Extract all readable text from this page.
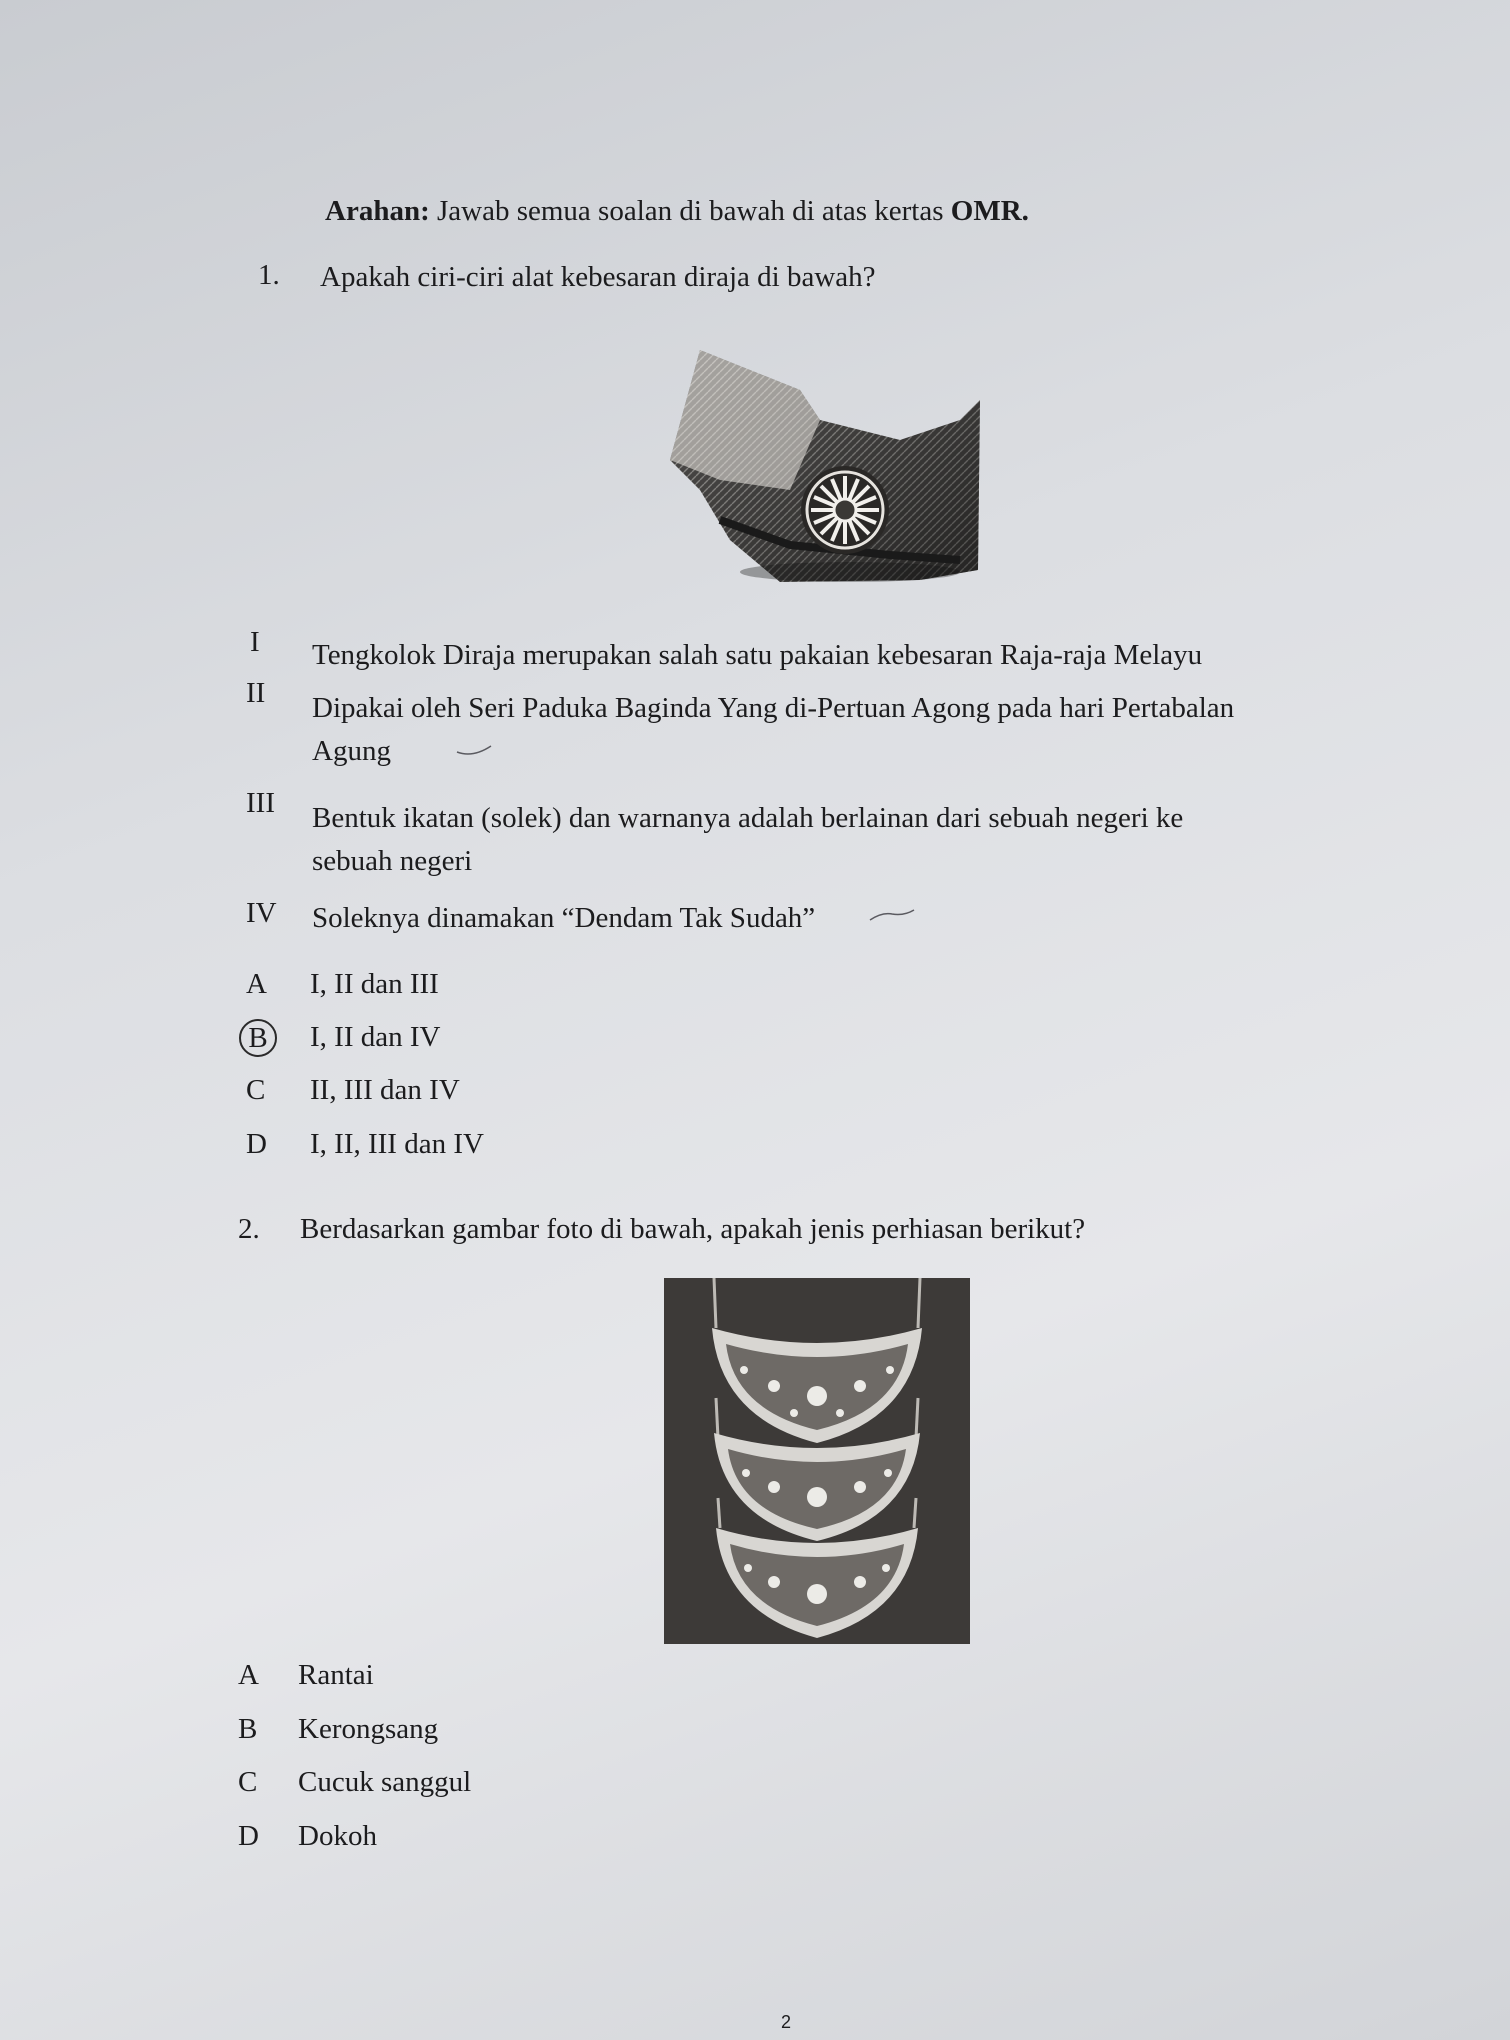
Arahan: Jawab semua soalan di bawah di atas kertas OMR.
1. Apakah ciri-ciri alat kebesaran diraja di bawah?
I Tengkolok Diraja merupakan salah satu pakaian kebesaran Raja-raja Melayu
II Dipakai oleh Seri Paduka Baginda Yang di-Pertuan Agong pada hari Pertabalan
Agung
III Bentuk ikatan (solek) dan warnanya adalah berlainan dari sebuah negeri ke
sebuah negeri
IV Soleknya dinamakan “Dendam Tak Sudah”
A I, II dan III
B	I, II dan IV
C II, III dan IV
D I, II, III dan IV
2. Berdasarkan gambar foto di bawah, apakah jenis perhiasan berikut?
A Rantai
B Kerongsang
C Cucuk sanggul
D Dokoh
2
